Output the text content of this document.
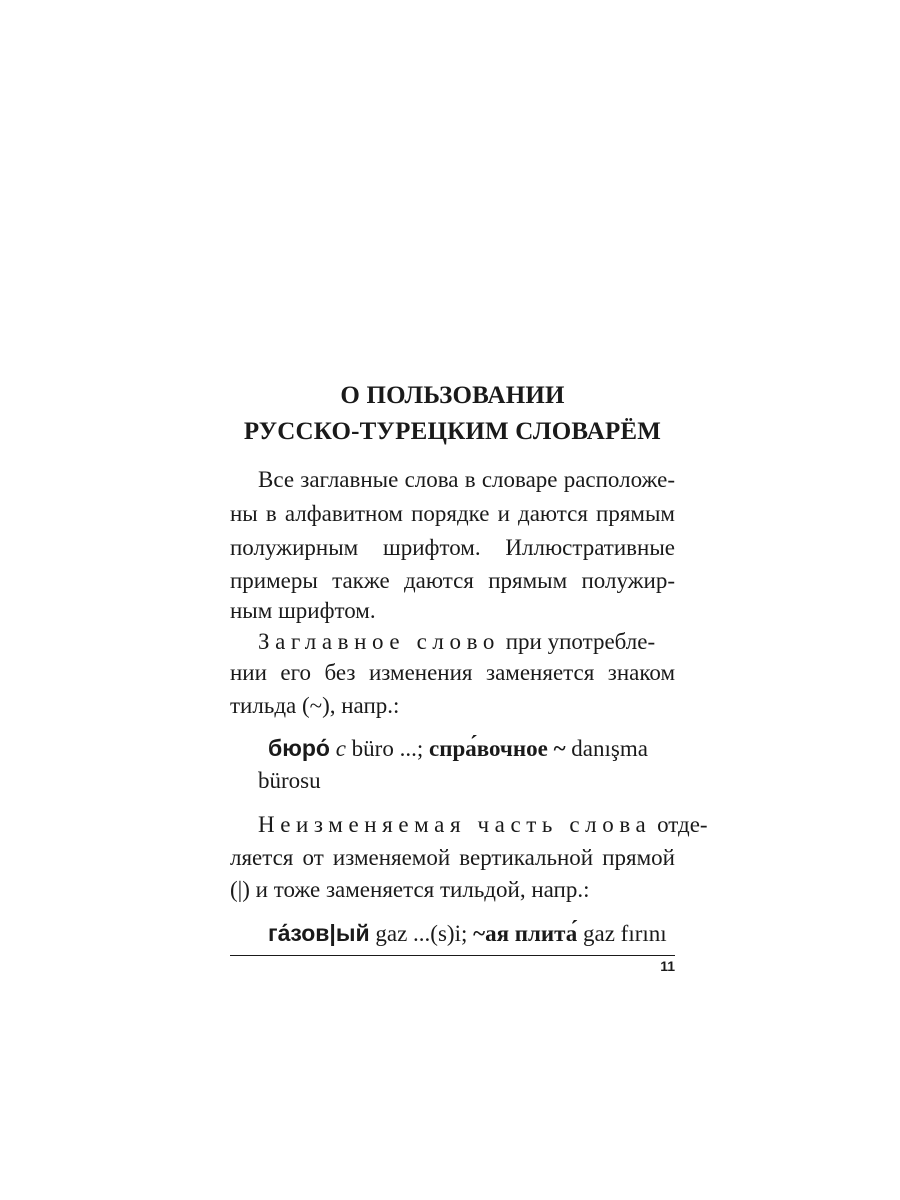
О ПОЛЬЗОВАНИИ
РУССКО-ТУРЕЦКИМ СЛОВАРЁМ
Все заглавные слова в словаре расположе-
ны в алфавитном порядке и даются прямым
полужирным шрифтом. Иллюстративные
примеры также даются прямым полужир-
ным шрифтом.
Заглавное слово при употребле-
нии его без изменения заменяется знаком
тильда (~), напр.:
бюро́ с büro ...; спра́вочное ~ danışma
bürosu
Неизменяемая часть слова отде-
ляется от изменяемой вертикальной прямой
(|) и тоже заменяется тильдой, напр.:
га́зов|ый gaz ...(s)i; ~ая плита́ gaz fırını
11
